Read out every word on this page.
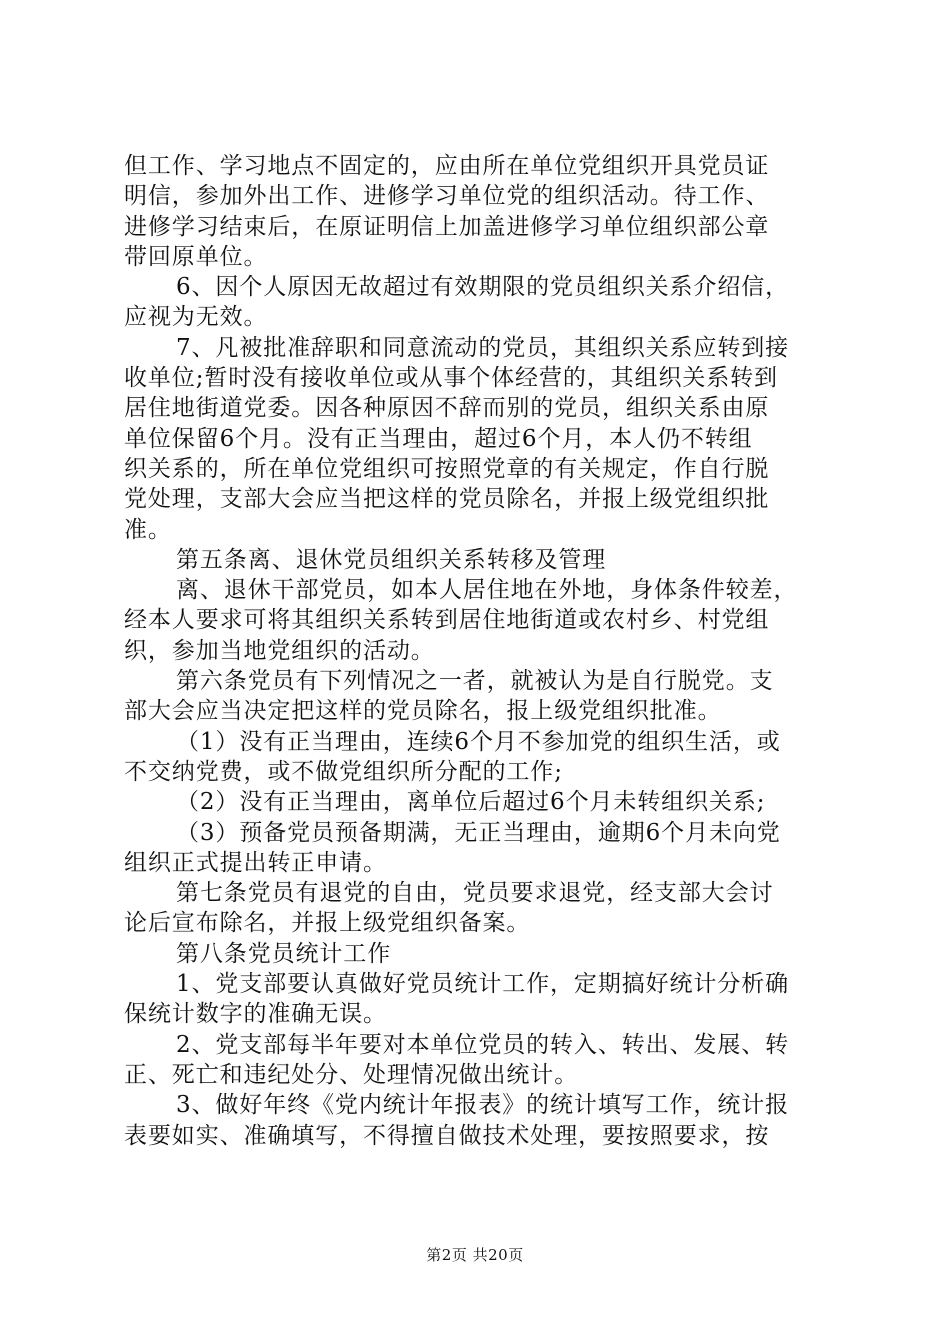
但工作、学习地点不固定的，应由所在单位党组织开具党员证
明信，参加外出工作、进修学习单位党的组织活动。待工作、
进修学习结束后，在原证明信上加盖进修学习单位组织部公章
带回原单位。
6、因个人原因无故超过有效期限的党员组织关系介绍信，
应视为无效。
7、凡被批准辞职和同意流动的党员，其组织关系应转到接
收单位;暂时没有接收单位或从事个体经营的，其组织关系转到
居住地街道党委。因各种原因不辞而别的党员，组织关系由原
单位保留6个月。没有正当理由，超过6个月，本人仍不转组
织关系的，所在单位党组织可按照党章的有关规定，作自行脱
党处理，支部大会应当把这样的党员除名，并报上级党组织批
准。
第五条离、退休党员组织关系转移及管理
离、退休干部党员，如本人居住地在外地，身体条件较差，
经本人要求可将其组织关系转到居住地街道或农村乡、村党组
织，参加当地党组织的活动。
第六条党员有下列情况之一者，就被认为是自行脱党。支
部大会应当决定把这样的党员除名，报上级党组织批准。
（1）没有正当理由，连续6个月不参加党的组织生活，或
不交纳党费，或不做党组织所分配的工作;
（2）没有正当理由，离单位后超过6个月未转组织关系;
（3）预备党员预备期满，无正当理由，逾期6个月未向党
组织正式提出转正申请。
第七条党员有退党的自由，党员要求退党，经支部大会讨
论后宣布除名，并报上级党组织备案。
第八条党员统计工作
1、党支部要认真做好党员统计工作，定期搞好统计分析确
保统计数字的准确无误。
2、党支部每半年要对本单位党员的转入、转出、发展、转
正、死亡和违纪处分、处理情况做出统计。
3、做好年终《党内统计年报表》的统计填写工作，统计报
表要如实、准确填写，不得擅自做技术处理，要按照要求，按
第2页 共20页
